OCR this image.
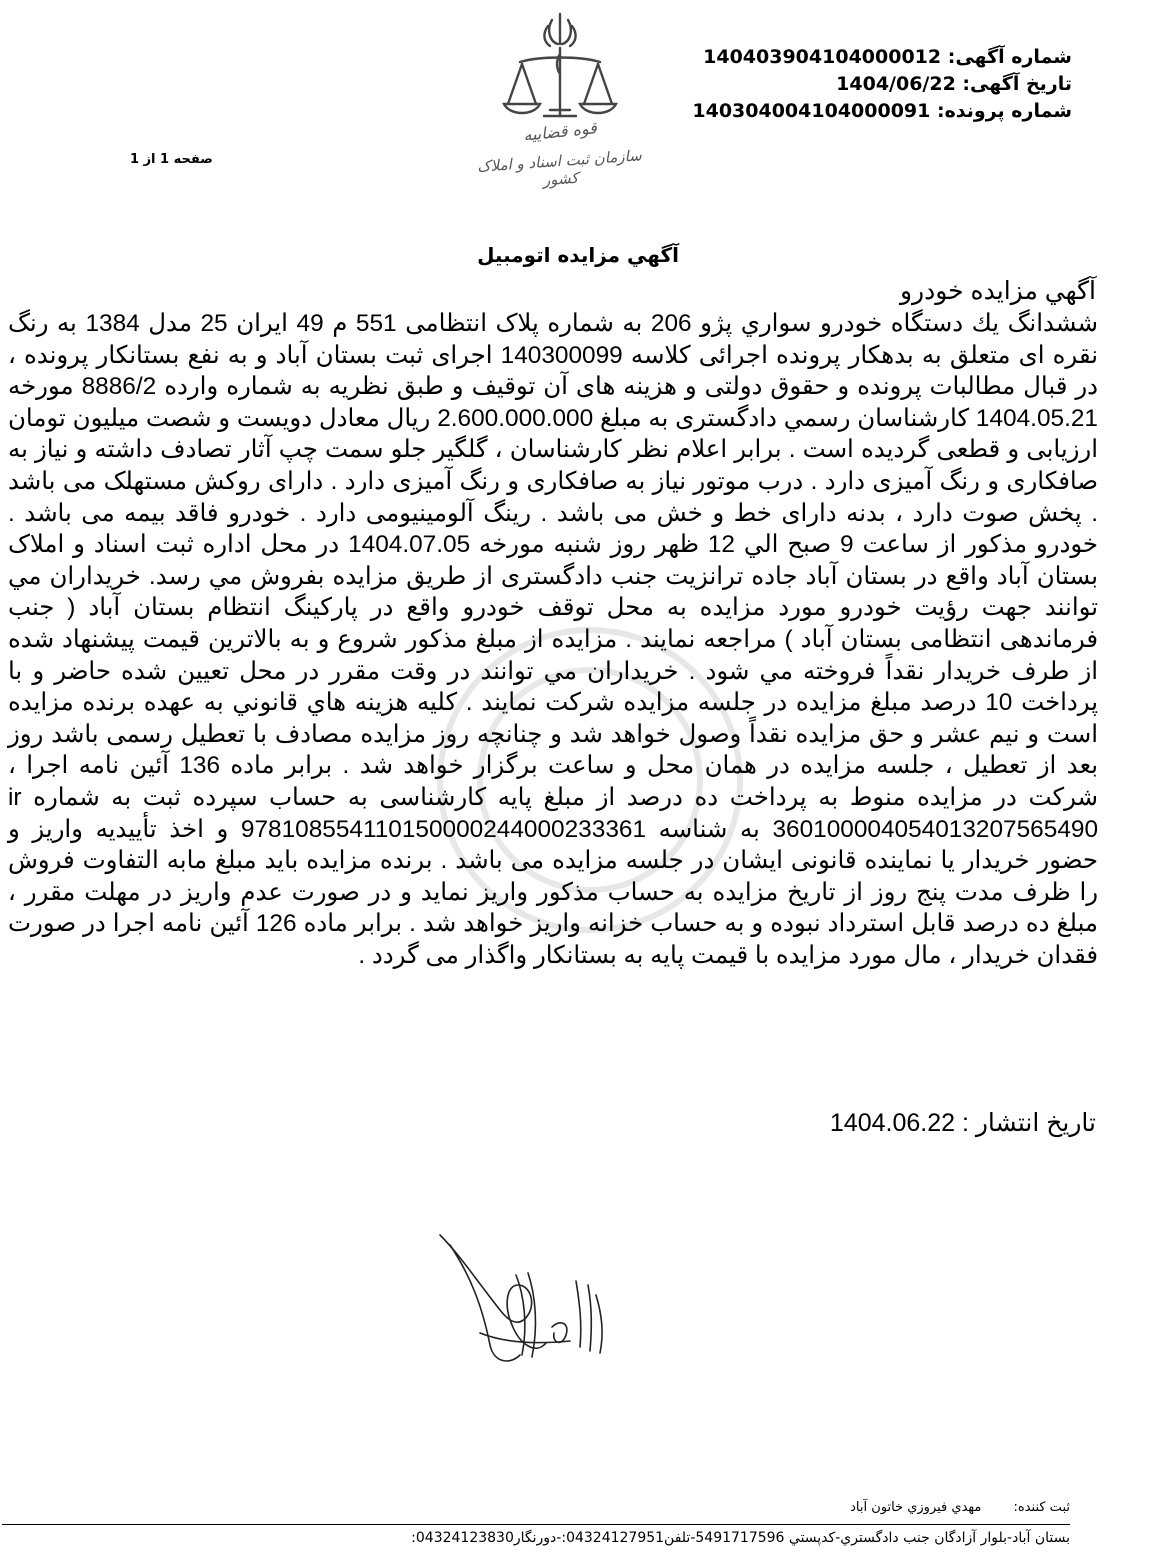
قوه قضاييه
سازمان ثبت اسناد و املاک کشور
شماره آگهی: 14040390410400001‍2
تاریخ آگهی: 1404/06/22
شماره پرونده: 140304004104000091
صفحه 1 از 1
آگهي مزايده اتومبيل
آگهي مزايده خودرو
ششدانگ يك دستگاه خودرو سواري پژو 206 به شماره پلاک انتظامی 551 م 49 ایران 25 مدل 1384 به رنگ نقره ای متعلق به بدهكار پرونده اجرائی كلاسه 140300099 اجرای ثبت بستان آباد و به نفع بستانكار پرونده ، در قبال مطالبات پرونده و حقوق دولتی و هزينه های آن توقيف و طبق نظريه به شماره وارده 8886/2 مورخه 1404.05.21 كارشناسان رسمي دادگستری به مبلغ 2.600.000.000 ريال معادل دويست و شصت ميليون تومان ارزيابی و قطعی گرديده است . برابر اعلام نظر کارشناسان ، گلگیر جلو سمت چپ آثار تصادف داشته و نیاز به صافکاری و رنگ آمیزی دارد . درب موتور نیاز به صافکاری و رنگ آمیزی دارد . دارای روکش مستهلک می باشد . پخش صوت دارد ، بدنه دارای خط و خش می باشد . رینگ آلومینیومی دارد . خودرو فاقد بیمه می باشد . خودرو مذكور از ساعت 9 صبح الي 12 ظهر روز شنبه مورخه 1404.07.05 در محل اداره ثبت اسناد و املاک بستان آباد واقع در بستان آباد جاده ترانزیت جنب دادگستری از طريق مزايده بفروش مي رسد. خريداران مي توانند جهت رؤيت خودرو مورد مزایده به محل توقف خودرو واقع در پارکینگ انتظام بستان آباد ( جنب فرماندهی انتظامی بستان آباد ) مراجعه نمايند . مزايده از مبلغ مذكور شروع و به بالاترين قيمت پيشنهاد شده از طرف خريدار نقداً فروخته مي شود . خريداران مي توانند در وقت مقرر در محل تعيين شده حاضر و با پرداخت 10 درصد مبلغ مزايده در جلسه مزايده شركت نمايند . كليه هزينه هاي قانوني به عهده برنده مزايده است و نيم عشر و حق مزايده نقداً وصول خواهد شد و چنانچه روز مزايده مصادف با تعطيل رسمی باشد روز بعد از تعطيل ، جلسه مزايده در همان محل و ساعت برگزار خواهد شد . برابر ماده 136 آئين نامه اجرا ، شرکت در مزایده منوط به پرداخت ده درصد از مبلغ پايه کارشناسی به حساب سپرده ثبت به شماره ir 360100004054013207565490 به شناسه 978108554110150000244000233361 و اخذ تأييديه واريز و حضور خريدار يا نماينده قانونی ايشان در جلسه مزايده می باشد . برنده مزایده باید مبلغ مابه التفاوت فروش را ظرف مدت پنج روز از تاریخ مزايده به حساب مذکور واریز نماید و در صورت عدم واریز در مهلت مقرر ، مبلغ ده درصد قابل استرداد نبوده و به حساب خزانه واریز خواهد شد . برابر ماده 126 آئین نامه اجرا در صورت فقدان خریدار ، مال مورد مزایده با قیمت پایه به بستانکار واگذار می گردد .
تاريخ انتشار : 1404.06.22
ثبت کننده: مهدي فيروزي خاتون آباد
بستان آباد-بلوار آزادگان جنب دادگستري-کدپستي 5491717596-تلفن04324127951:-دورنگار04324123830:
